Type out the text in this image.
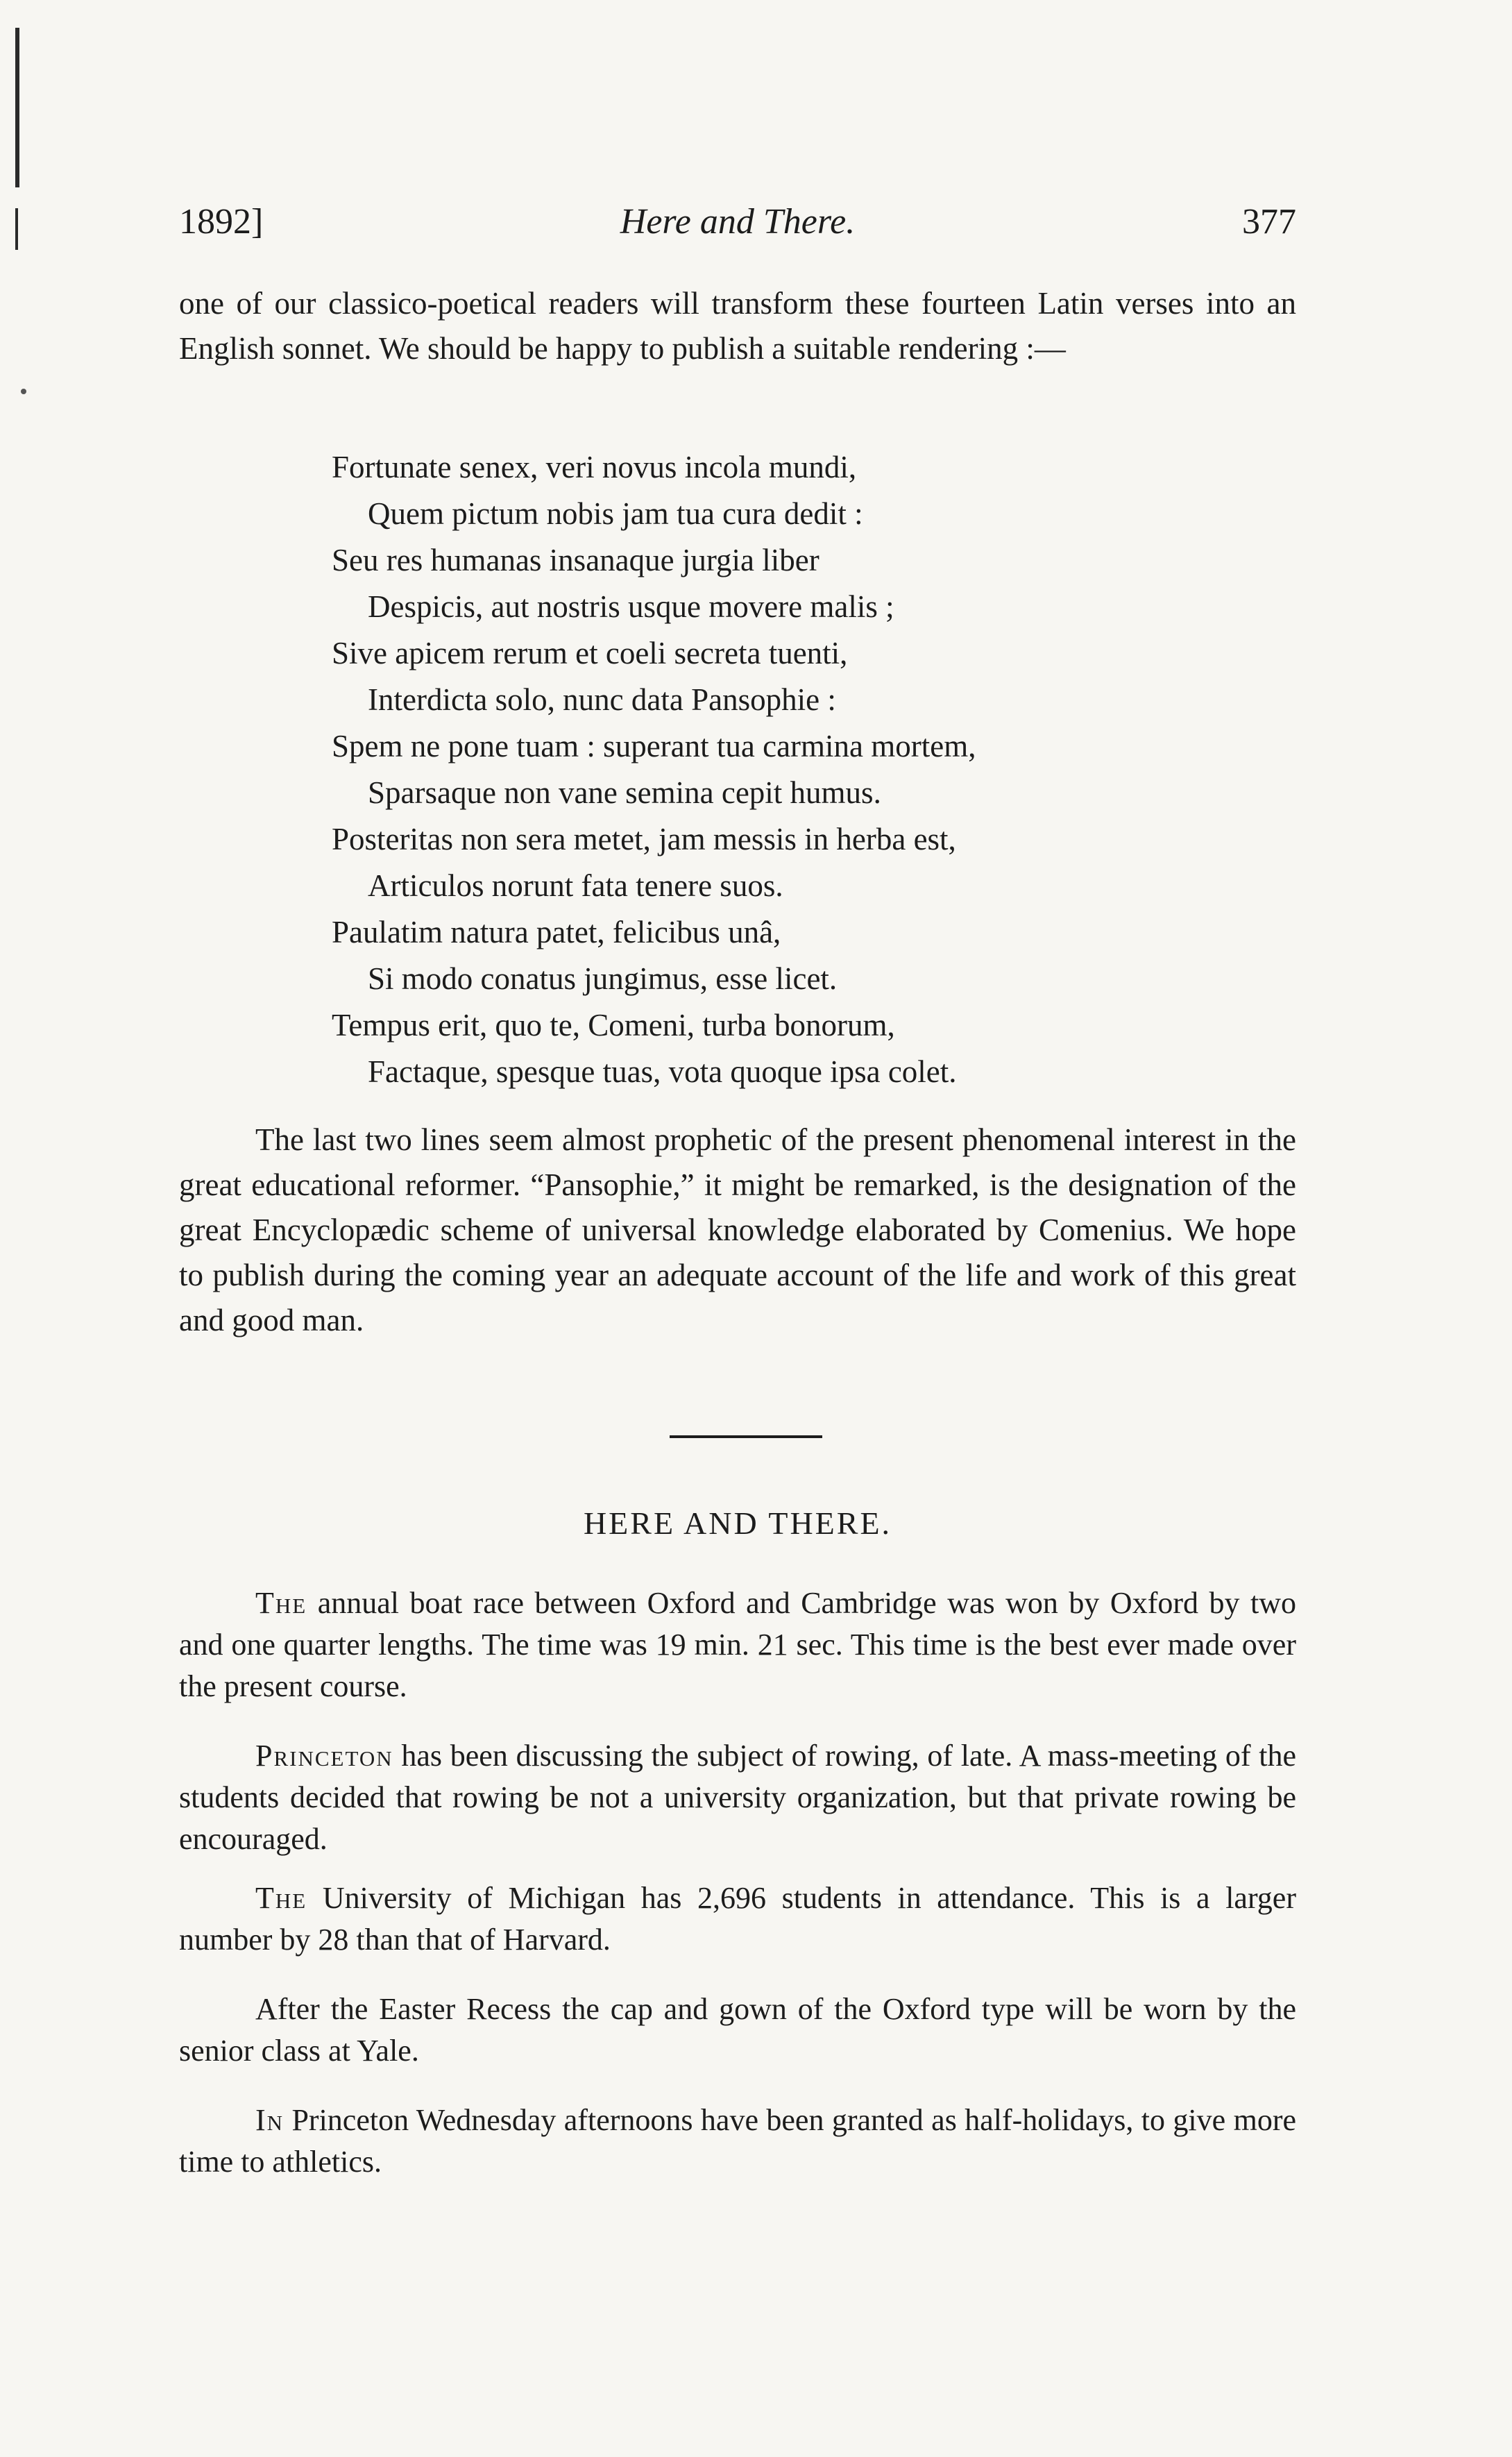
1892]	Here and There.	377

one of our classico-poetical readers will transform these fourteen Latin verses into an English sonnet. We should be happy to publish a suitable rendering :—

Fortunate senex, veri novus incola mundi,
Quem pictum nobis jam tua cura dedit :
Seu res humanas insanaque jurgia liber
Despicis, aut nostris usque movere malis ;
Sive apicem rerum et coeli secreta tuenti,
Interdicta solo, nunc data Pansophie :
Spem ne pone tuam : superant tua carmina mortem,
Sparsaque non vane semina cepit humus.
Posteritas non sera metet, jam messis in herba est,
Articulos norunt fata tenere suos.
Paulatim natura patet, felicibus unâ,
Si modo conatus jungimus, esse licet.
Tempus erit, quo te, Comeni, turba bonorum,
Factaque, spesque tuas, vota quoque ipsa colet.

The last two lines seem almost prophetic of the present phenomenal interest in the great educational reformer. “Pansophie,” it might be remarked, is the designation of the great Encyclopædic scheme of universal knowledge elaborated by Comenius. We hope to publish during the coming year an adequate account of the life and work of this great and good man.

HERE AND THERE.

The annual boat race between Oxford and Cambridge was won by Oxford by two and one quarter lengths. The time was 19 min. 21 sec. This time is the best ever made over the present course.

Princeton has been discussing the subject of rowing, of late. A mass-meeting of the students decided that rowing be not a university organization, but that private rowing be encouraged.

The University of Michigan has 2,696 students in attendance. This is a larger number by 28 than that of Harvard.

After the Easter Recess the cap and gown of the Oxford type will be worn by the senior class at Yale.

In Princeton Wednesday afternoons have been granted as half-holidays, to give more time to athletics.
